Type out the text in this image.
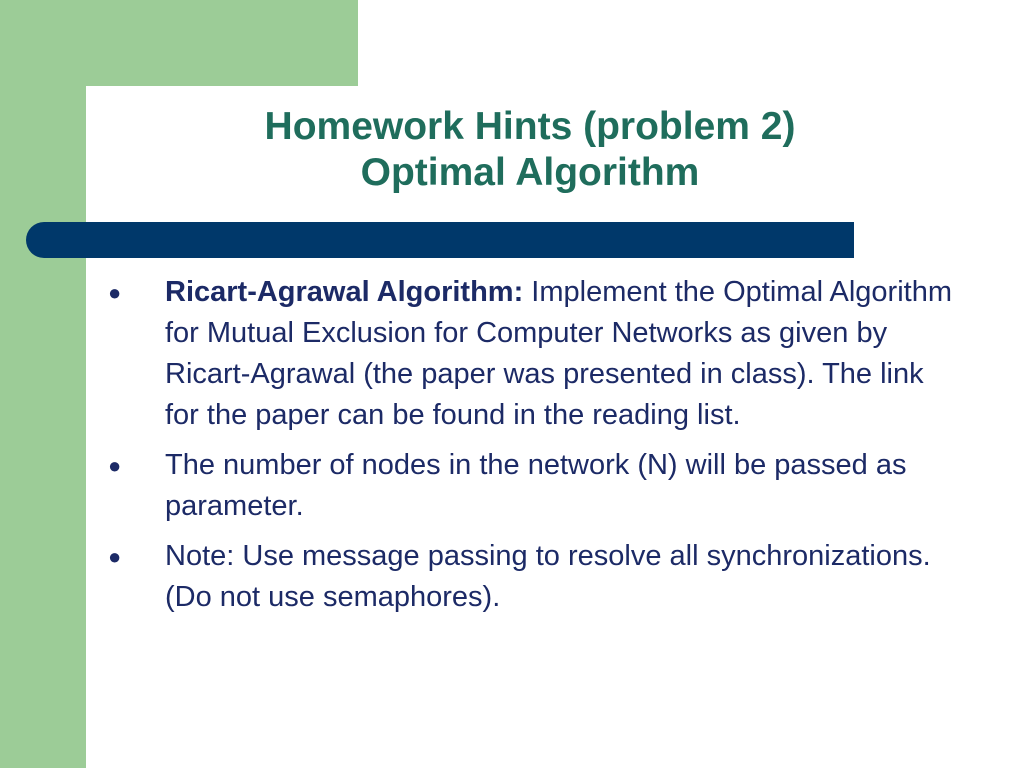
Homework Hints (problem 2)
Optimal Algorithm
● Ricart-Agrawal Algorithm: Implement the Optimal Algorithm for Mutual Exclusion for Computer Networks as given by Ricart-Agrawal (the paper was presented in class). The link for the paper can be found in the reading list.
● The number of nodes in the network (N) will be passed as parameter.
● Note: Use message passing to resolve all synchronizations. (Do not use semaphores).
